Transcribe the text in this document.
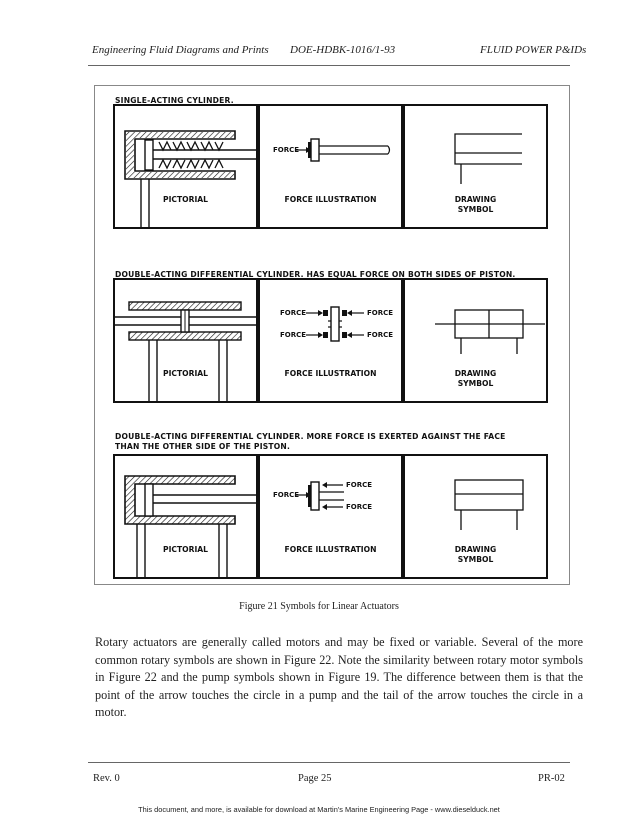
Engineering Fluid Diagrams and Prints DOE-HDBK-1016/1-93	FLUID POWER P&IDs
SINGLE-ACTING CYLINDER.
PICTORIAL
FORCE
FORCE ILLUSTRATION	DRAWING
SYMBOL
DOUBLE-ACTING DIFFERENTIAL CYLINDER. HAS EQUAL FORCE ON BOTH SIDES OF PISTON.
PICTORIAL
FORCE	FORCE
FORCE	FORCE
FORCE ILLUSTRATION	DRAWING
SYMBOL
DOUBLE-ACTING DIFFERENTIAL CYLINDER. MORE FORCE IS EXERTED AGAINST THE FACE
THAN THE OTHER SIDE OF THE PISTON.
PICTORIAL
FORCE
FORCE
FORCE
FORCE ILLUSTRATION	DRAWING
SYMBOL
Figure 21 Symbols for Linear Actuators
Rotary actuators are generally called motors and may be fixed or variable. Several of the more common rotary symbols are shown in Figure 22. Note the similarity between rotary motor symbols in Figure 22 and the pump symbols shown in Figure 19. The difference between them is that the point of the arrow touches the circle in a pump and the tail of the arrow touches the circle in a motor.
Rev. 0	Page 25	PR-02
This document, and more, is available for download at Martin's Marine Engineering Page - www.dieselduck.net
